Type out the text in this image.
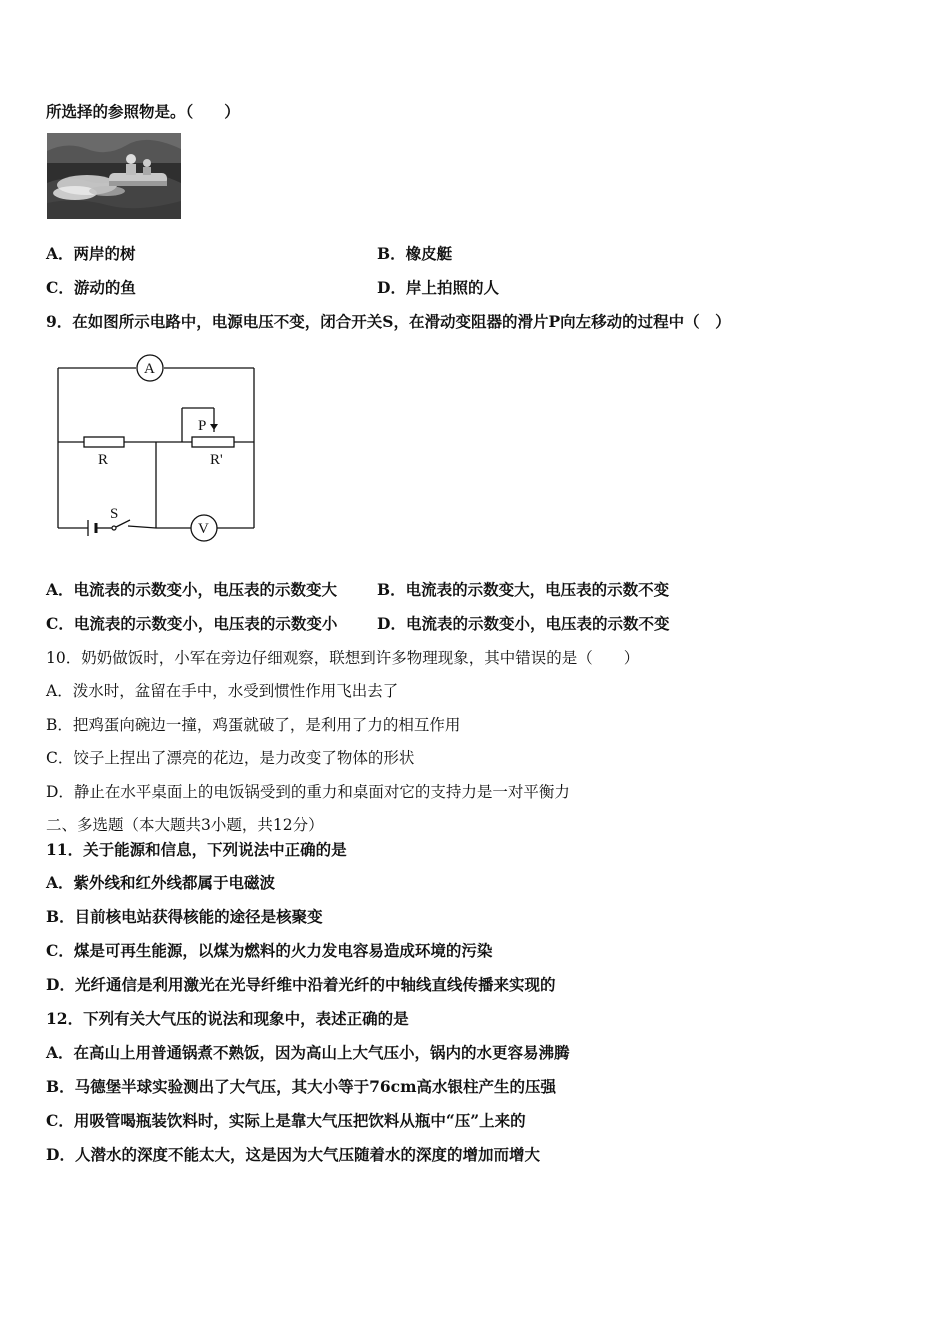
所选择的参照物是。（　　）
A．两岸的树	B．橡皮艇
C．游动的鱼	D．岸上拍照的人
9．在如图所示电路中，电源电压不变，闭合开关S，在滑动变阻器的滑片P向左移动的过程中（　）
A
V
R	R'
P
S
A．电流表的示数变小，电压表的示数变大	B．电流表的示数变大，电压表的示数不变
C．电流表的示数变小，电压表的示数变小	D．电流表的示数变小，电压表的示数不变
10．奶奶做饭时，小军在旁边仔细观察，联想到许多物理现象，其中错误的是（　　）
A．泼水时，盆留在手中，水受到惯性作用飞出去了
B．把鸡蛋向碗边一撞，鸡蛋就破了，是利用了力的相互作用
C．饺子上捏出了漂亮的花边，是力改变了物体的形状
D．静止在水平桌面上的电饭锅受到的重力和桌面对它的支持力是一对平衡力
二、多选题（本大题共3小题，共12分）
11．关于能源和信息，下列说法中正确的是
A．紫外线和红外线都属于电磁波
B．目前核电站获得核能的途径是核聚变
C．煤是可再生能源，以煤为燃料的火力发电容易造成环境的污染
D．光纤通信是利用激光在光导纤维中沿着光纤的中轴线直线传播来实现的
12．下列有关大气压的说法和现象中，表述正确的是
A．在高山上用普通锅煮不熟饭，因为高山上大气压小，锅内的水更容易沸腾
B．马德堡半球实验测出了大气压，其大小等于76cm高水银柱产生的压强
C．用吸管喝瓶装饮料时，实际上是靠大气压把饮料从瓶中“压”上来的
D．人潜水的深度不能太大，这是因为大气压随着水的深度的增加而增大
